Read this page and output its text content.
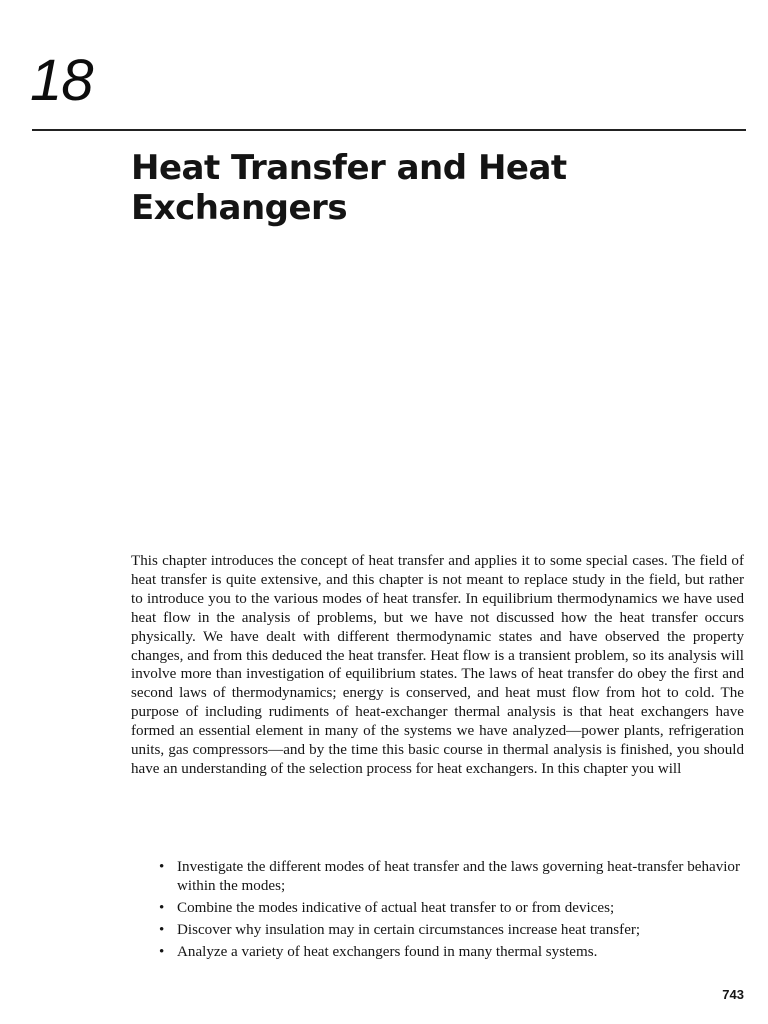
18
Heat Transfer and Heat Exchangers

This chapter introduces the concept of heat transfer and applies it to some special cases. The field of heat transfer is quite extensive, and this chapter is not meant to replace study in the field, but rather to introduce you to the various modes of heat transfer. In equilibrium thermodynamics we have used heat flow in the analysis of problems, but we have not discussed how the heat transfer occurs physically. We have dealt with different thermodynamic states and have observed the property changes, and from this deduced the heat transfer. Heat flow is a transient problem, so its analysis will involve more than investigation of equilibrium states. The laws of heat transfer do obey the first and second laws of thermodynamics; energy is conserved, and heat must flow from hot to cold. The purpose of including rudiments of heat-exchanger thermal analysis is that heat exchangers have formed an essential element in many of the systems we have analyzed—power plants, refrigeration units, gas compressors—and by the time this basic course in thermal analysis is finished, you should have an understanding of the selection process for heat exchangers. In this chapter you will

• Investigate the different modes of heat transfer and the laws governing heat-transfer behavior within the modes;
• Combine the modes indicative of actual heat transfer to or from devices;
• Discover why insulation may in certain circumstances increase heat transfer;
• Analyze a variety of heat exchangers found in many thermal systems.
743
